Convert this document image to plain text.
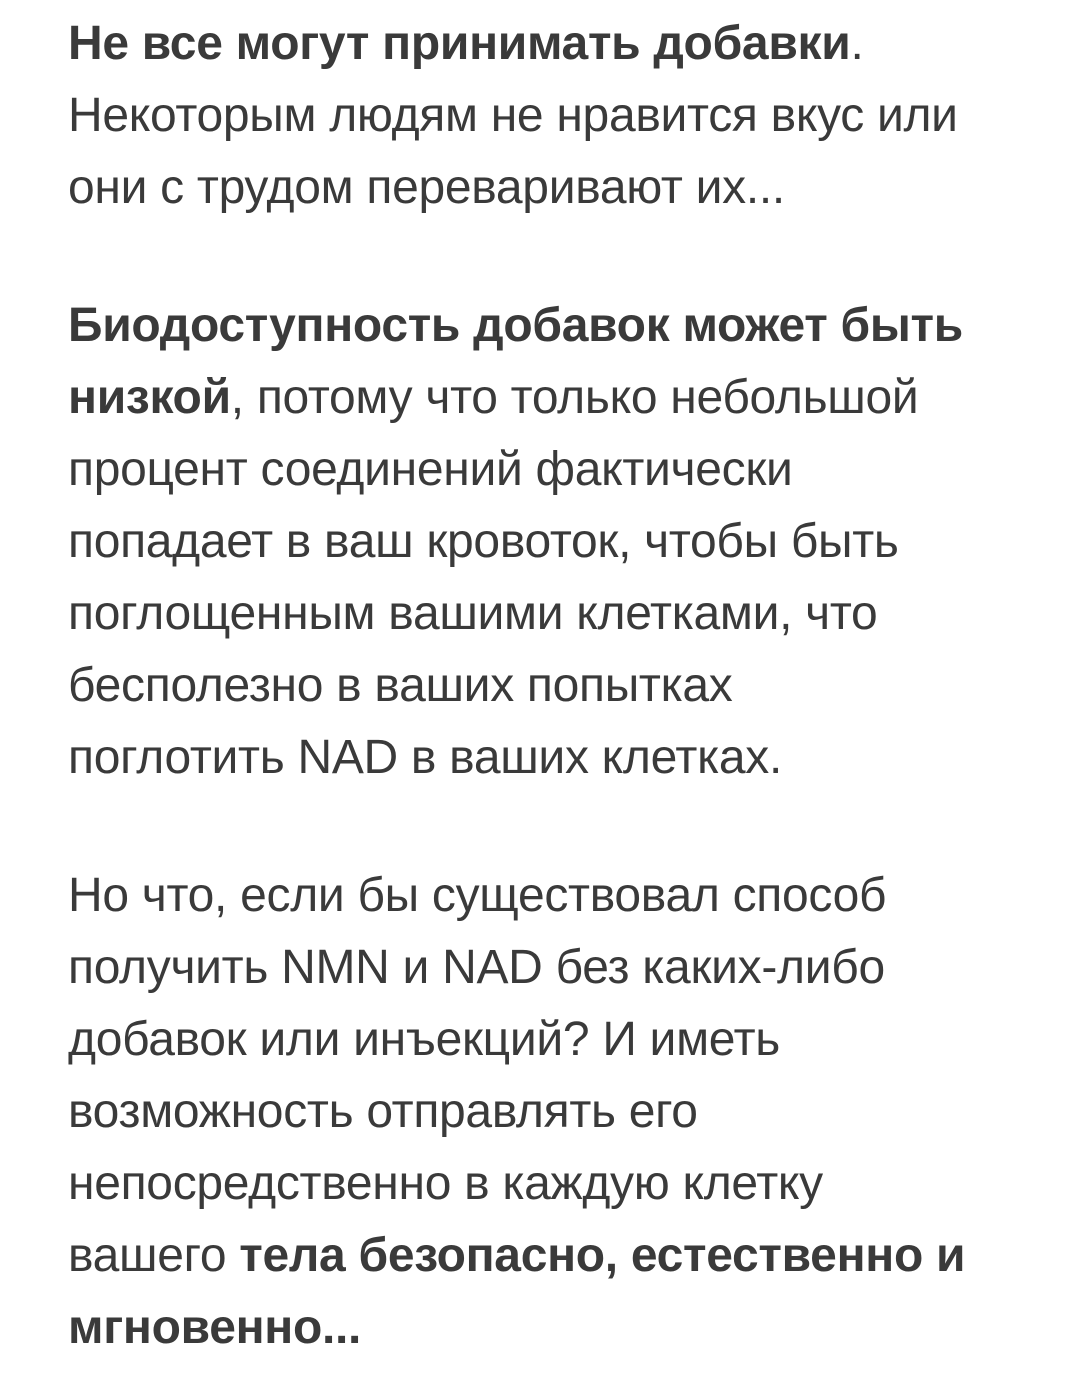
Не все могут принимать добавки.
Некоторым людям не нравится вкус или
они с трудом переваривают их...
Биодоступность добавок может быть
низкой, потому что только небольшой
процент соединений фактически
попадает в ваш кровоток, чтобы быть
поглощенным вашими клетками, что
бесполезно в ваших попытках
поглотить NAD в ваших клетках.
Но что, если бы существовал способ
получить NMN и NAD без каких-либо
добавок или инъекций? И иметь
возможность отправлять его
непосредственно в каждую клетку
вашего тела безопасно, естественно и
мгновенно...
